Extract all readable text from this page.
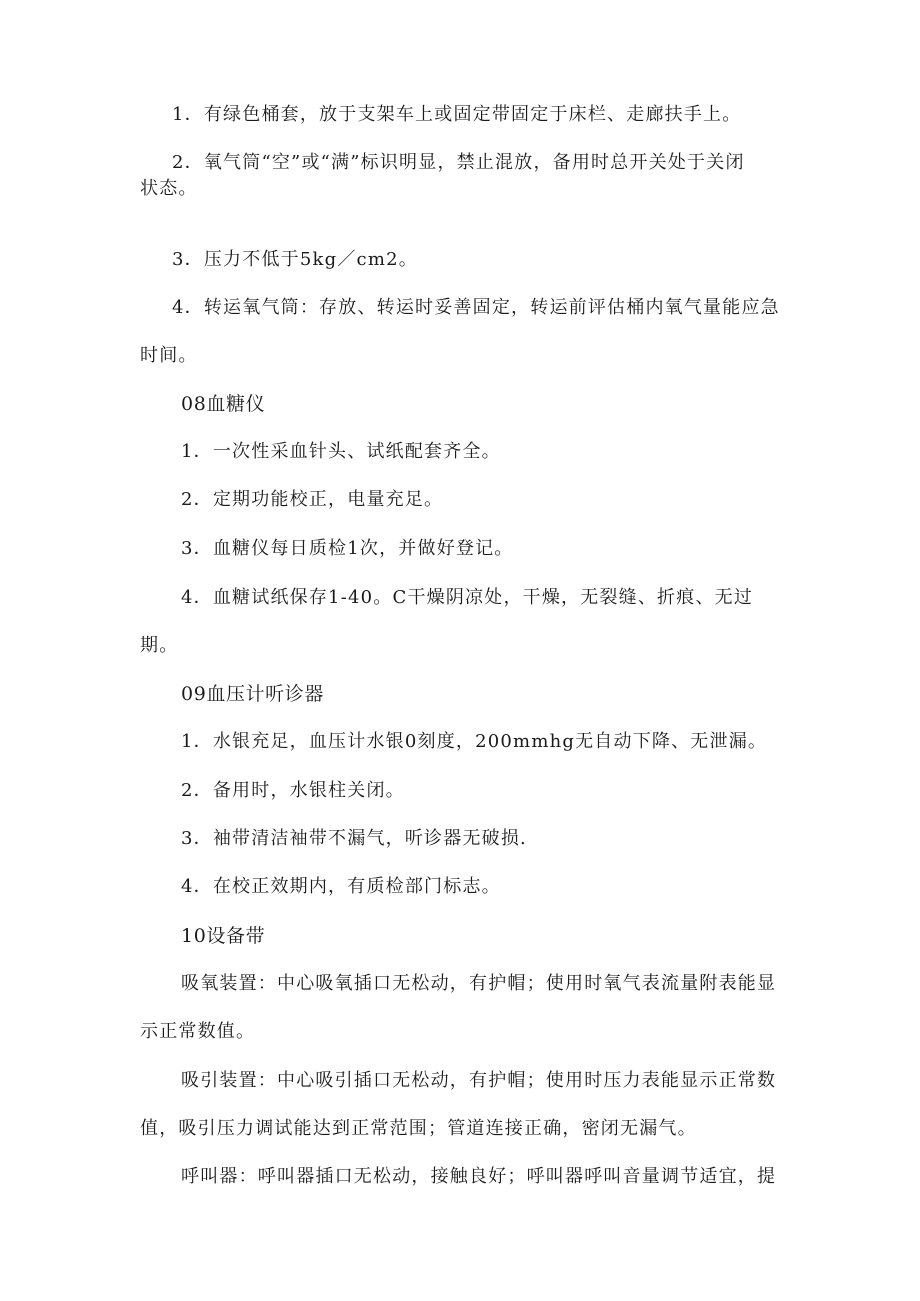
1．有绿色桶套，放于支架车上或固定带固定于床栏、走廊扶手上。
2．氧气筒“空”或“满”标识明显，禁止混放，备用时总开关处于关闭
状态。
3．压力不低于5kg／cm2。
4．转运氧气筒：存放、转运时妥善固定，转运前评估桶内氧气量能应急
时间。
08血糖仪
1．一次性采血针头、试纸配套齐全。
2．定期功能校正，电量充足。
3．血糖仪每日质检1次，并做好登记。
4．血糖试纸保存1-40。C干燥阴凉处，干燥，无裂缝、折痕、无过
期。
09血压计听诊器
1．水银充足，血压计水银0刻度，200mmhg无自动下降、无泄漏。
2．备用时，水银柱关闭。
3．袖带清洁袖带不漏气，听诊器无破损.
4．在校正效期内，有质检部门标志。
10设备带
吸氧装置：中心吸氧插口无松动，有护帽；使用时氧气表流量附表能显
示正常数值。
吸引装置：中心吸引插口无松动，有护帽；使用时压力表能显示正常数
值，吸引压力调试能达到正常范围；管道连接正确，密闭无漏气。
呼叫器：呼叫器插口无松动，接触良好；呼叫器呼叫音量调节适宜，提
